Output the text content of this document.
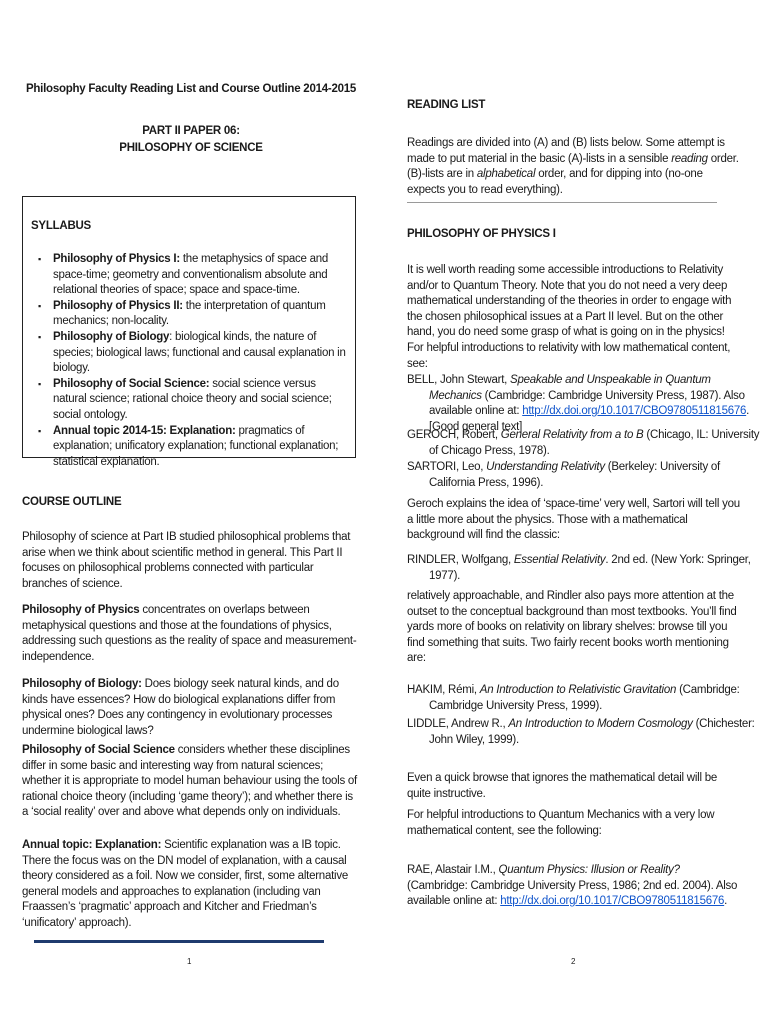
Philosophy Faculty Reading List and Course Outline 2014-2015
PART II PAPER 06:
PHILOSOPHY OF SCIENCE
SYLLABUS
▪ Philosophy of Physics I: the metaphysics of space and space-time; geometry and conventionalism absolute and relational theories of space; space and space-time.
▪ Philosophy of Physics II: the interpretation of quantum mechanics; non-locality.
▪ Philosophy of Biology: biological kinds, the nature of species; biological laws; functional and causal explanation in biology.
▪ Philosophy of Social Science: social science versus natural science; rational choice theory and social science; social ontology.
▪ Annual topic 2014-15: Explanation: pragmatics of explanation; unificatory explanation; functional explanation; statistical explanation.
COURSE OUTLINE

Philosophy of science at Part IB studied philosophical problems that arise when we think about scientific method in general. This Part II focuses on philosophical problems connected with particular branches of science.

Philosophy of Physics concentrates on overlaps between metaphysical questions and those at the foundations of physics, addressing such questions as the reality of space and measurement-independence.

Philosophy of Biology: Does biology seek natural kinds, and do kinds have essences? How do biological explanations differ from physical ones? Does any contingency in evolutionary processes undermine biological laws?

Philosophy of Social Science considers whether these disciplines differ in some basic and interesting way from natural sciences; whether it is appropriate to model human behaviour using the tools of rational choice theory (including ‘game theory’); and whether there is a ‘social reality’ over and above what depends only on individuals.

Annual topic: Explanation: Scientific explanation was a IB topic. There the focus was on the DN model of explanation, with a causal theory considered as a foil. Now we consider, first, some alternative general models and approaches to explanation (including van Fraassen’s ‘pragmatic’ approach and Kitcher and Friedman’s ‘unificatory’ approach).

1
READING LIST

Readings are divided into (A) and (B) lists below. Some attempt is made to put material in the basic (A)-lists in a sensible reading order. (B)-lists are in alphabetical order, and for dipping into (no-one expects you to read everything).

PHILOSOPHY OF PHYSICS I

It is well worth reading some accessible introductions to Relativity and/or to Quantum Theory. Note that you do not need a very deep mathematical understanding of the theories in order to engage with the chosen philosophical issues at a Part II level. But on the other hand, you do need some grasp of what is going on in the physics! For helpful introductions to relativity with low mathematical content, see:

BELL, John Stewart, Speakable and Unspeakable in Quantum Mechanics (Cambridge: Cambridge University Press, 1987). Also available online at: http://dx.doi.org/10.1017/CBO9780511815676. [Good general text]

GEROCH, Robert, General Relativity from a to B (Chicago, IL: University of Chicago Press, 1978).

SARTORI, Leo, Understanding Relativity (Berkeley: University of California Press, 1996).

Geroch explains the idea of ‘space-time’ very well, Sartori will tell you a little more about the physics. Those with a mathematical background will find the classic:

RINDLER, Wolfgang, Essential Relativity. 2nd ed. (New York: Springer, 1977).

relatively approachable, and Rindler also pays more attention at the outset to the conceptual background than most textbooks. You’ll find yards more of books on relativity on library shelves: browse till you find something that suits. Two fairly recent books worth mentioning are:

HAKIM, Rémi, An Introduction to Relativistic Gravitation (Cambridge: Cambridge University Press, 1999).

LIDDLE, Andrew R., An Introduction to Modern Cosmology (Chichester: John Wiley, 1999).

Even a quick browse that ignores the mathematical detail will be quite instructive.

For helpful introductions to Quantum Mechanics with a very low mathematical content, see the following:

RAE, Alastair I.M., Quantum Physics: Illusion or Reality? (Cambridge: Cambridge University Press, 1986; 2nd ed. 2004). Also available online at: http://dx.doi.org/10.1017/CBO9780511815676.

2
